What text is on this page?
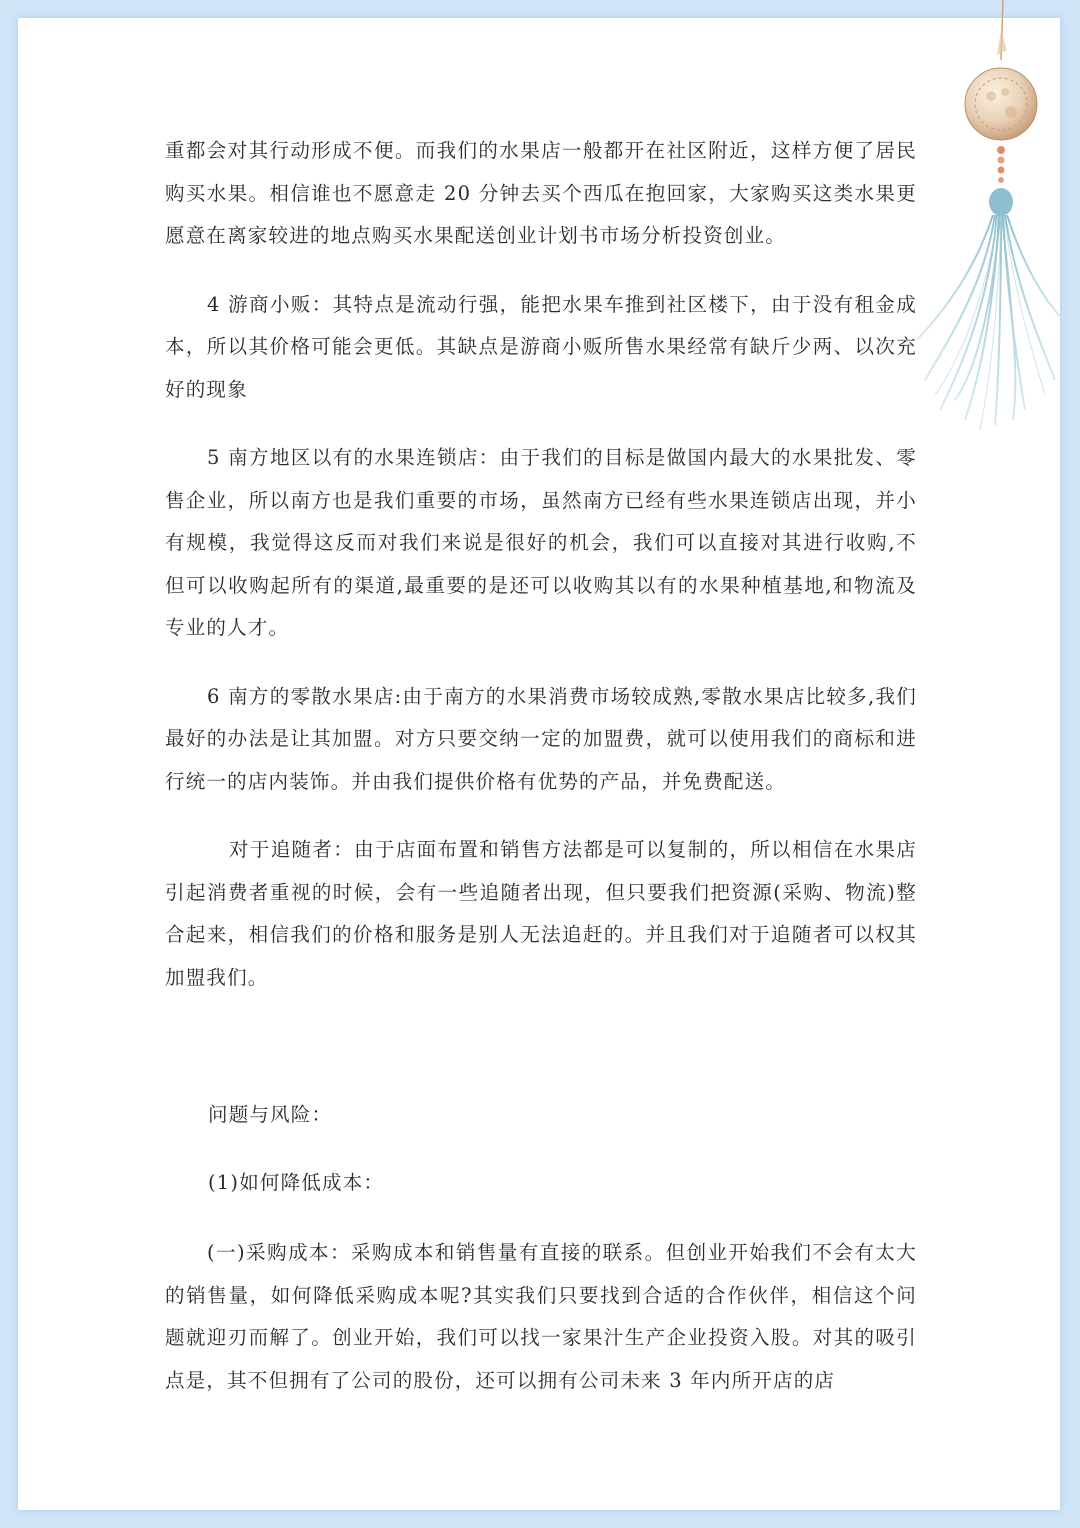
重都会对其行动形成不便。而我们的水果店一般都开在社区附近，这样方便了居民购买水果。相信谁也不愿意走 20 分钟去买个西瓜在抱回家，大家购买这类水果更愿意在离家较进的地点购买水果配送创业计划书市场分析投资创业。

4 游商小贩：其特点是流动行强，能把水果车推到社区楼下，由于没有租金成本，所以其价格可能会更低。其缺点是游商小贩所售水果经常有缺斤少两、以次充好的现象

5 南方地区以有的水果连锁店：由于我们的目标是做国内最大的水果批发、零售企业，所以南方也是我们重要的市场，虽然南方已经有些水果连锁店出现，并小有规模，我觉得这反而对我们来说是很好的机会，我们可以直接对其进行收购,不但可以收购起所有的渠道,最重要的是还可以收购其以有的水果种植基地,和物流及专业的人才。

6 南方的零散水果店:由于南方的水果消费市场较成熟,零散水果店比较多,我们最好的办法是让其加盟。对方只要交纳一定的加盟费，就可以使用我们的商标和进行统一的店内装饰。并由我们提供价格有优势的产品，并免费配送。

对于追随者：由于店面布置和销售方法都是可以复制的，所以相信在水果店引起消费者重视的时候，会有一些追随者出现，但只要我们把资源(采购、物流)整合起来，相信我们的价格和服务是别人无法追赶的。并且我们对于追随者可以权其加盟我们。

问题与风险：

(1)如何降低成本：

(一)采购成本：采购成本和销售量有直接的联系。但创业开始我们不会有太大的销售量，如何降低采购成本呢?其实我们只要找到合适的合作伙伴，相信这个问题就迎刃而解了。创业开始，我们可以找一家果汁生产企业投资入股。对其的吸引点是，其不但拥有了公司的股份，还可以拥有公司未来 3 年内所开店的店
